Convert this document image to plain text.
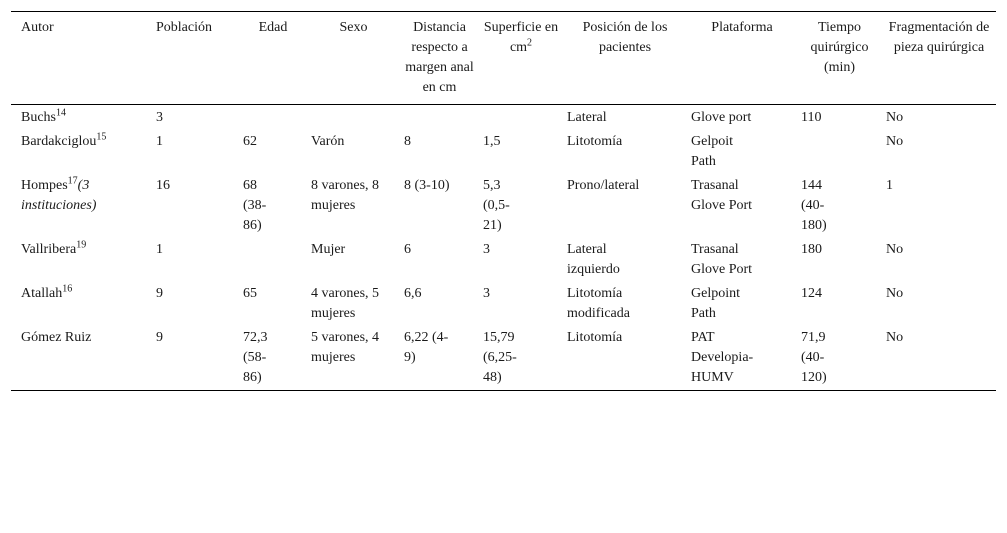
Autor	Población	Edad	Sexo	Distancia respecto a margen anal en cm	Superficie en $cm^2$	Posición de los pacientes	Plataforma	Tiempo quirúrgico (min)	Fragmentación de pieza quirúrgica
Buchs$^{14}$	3					Lateral	Glove port	110	No
Bardakciglou$^{15}$	1	62	Varón	8	1,5	Litotomía	Gelpoit Path		No
Hompes$^{17}$(3 instituciones)	16	68 (38-86)	8 varones, 8 mujeres	8 (3-10)	5,3 (0,5-21)	Prono/lateral	Trasanal Glove Port	144 (40-180)	1
Vallribera$^{19}$	1		Mujer	6	3	Lateral izquierdo	Trasanal Glove Port	180	No
Atallah$^{16}$	9	65	4 varones, 5 mujeres	6,6	3	Litotomía modificada	Gelpoint Path	124	No
Gómez Ruiz	9	72,3 (58-86)	5 varones, 4 mujeres	6,22 (4-9)	15,79 (6,25-48)	Litotomía	PAT Developia-HUMV	71,9 (40-120)	No
